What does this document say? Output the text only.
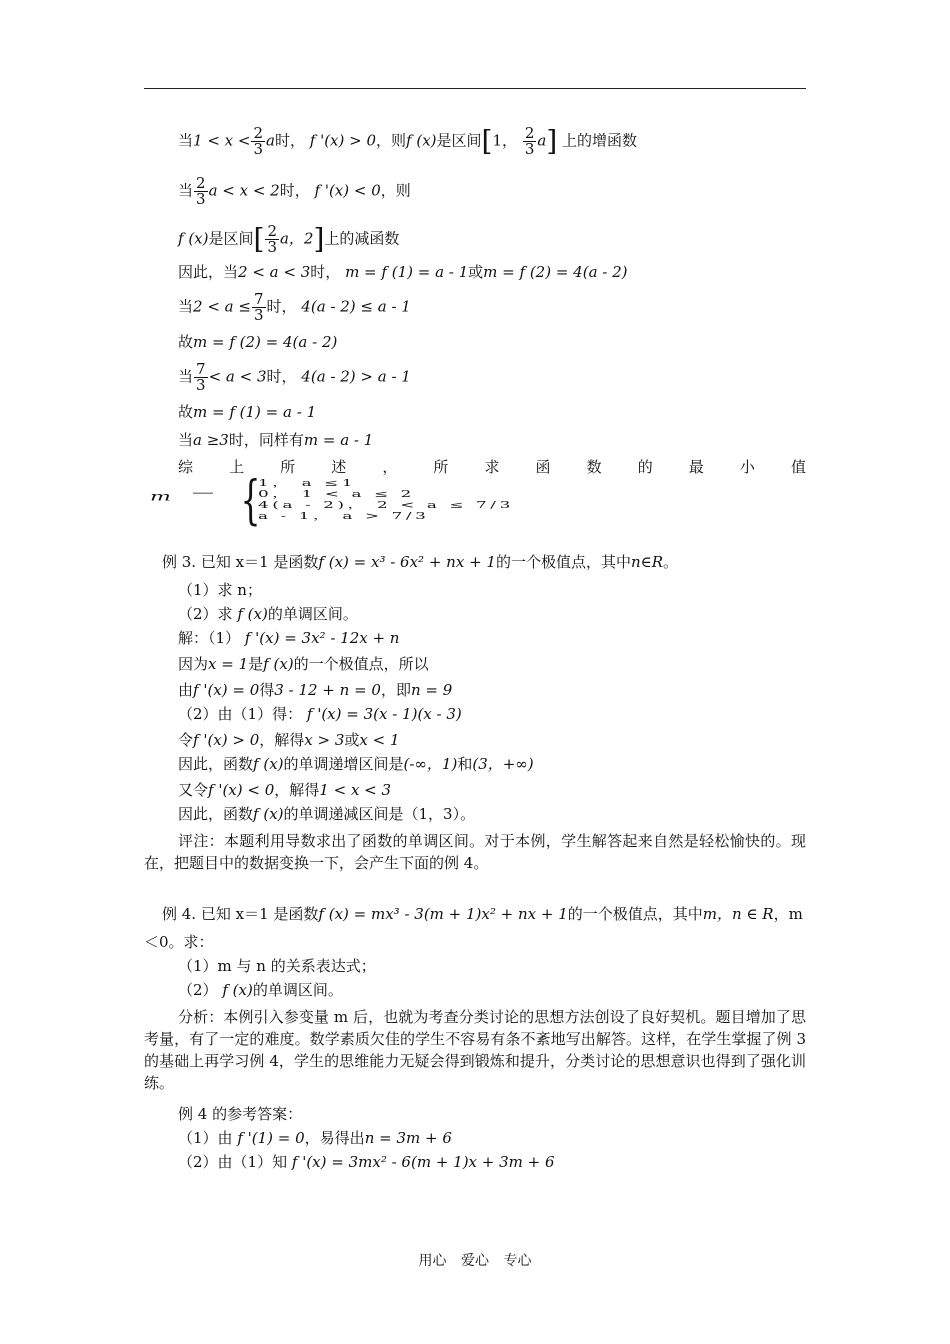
当$1 < x < \frac{2}{3}$ a时， f '(x) > 0，则f (x)是区间[1， $\frac{2}{3} a$] 上的增函数
当 $\frac{2}{3}$ a < x < 2时， f '(x) < 0，则
f (x)是区间[ $\frac{2}{3}$ a，2]上的减函数
因此，当2 < a < 3时， m = f (1) = a - 1或m = f (2) = 4(a - 2)
当$2 < a \le \frac{7}{3}$ 时， 4(a - 2) ≤ a - 1
故m = f (2) = 4(a - 2)
当 $\frac{7}{3} < a < 3$时， 4(a - 2) > a - 1
故m = f (1) = a - 1
当a ≥3时，同样有m = a - 1
综 上 所 述 ， 所 求 函 数 的 最 小 值
m — {
1， a ≤1
0， 1 < a ≤ 2
4(a - 2)， 2 < a ≤ 7/3
a - 1， a > 7/3
例 3. 已知 x＝1 是函数f (x) = x³ - 6x² + nx + 1的一个极值点，其中n∈R。
（1）求 n；
（2）求 f (x)的单调区间。
解：（1） f '(x) = 3x² - 12x + n
因为x = 1是f (x)的一个极值点，所以
由f '(x) = 0得3 - 12 + n = 0，即n = 9
（2）由（1）得： f '(x) = 3(x - 1)(x - 3)
令f '(x) > 0，解得x > 3或x < 1
因此，函数f (x)的单调递增区间是(-∞，1)和(3，+∞)
又令f '(x) < 0，解得1 < x < 3
因此，函数f (x)的单调递减区间是（1，3）。
评注：本题利用导数求出了函数的单调区间。对于本例，学生解答起来自然是轻松愉快的。现在，把题目中的数据变换一下，会产生下面的例 4。
例 4. 已知 x＝1 是函数f (x) = mx³ - 3(m + 1)x² + nx + 1的一个极值点，其中m，n ∈ R，m
＜0。求：
（1）m 与 n 的关系表达式；
（2） f (x)的单调区间。
分析：本例引入参变量 m 后，也就为考查分类讨论的思想方法创设了良好契机。题目增加了思考量，有了一定的难度。数学素质欠佳的学生不容易有条不紊地写出解答。这样，在学生掌握了例 3 的基础上再学习例 4，学生的思维能力无疑会得到锻炼和提升，分类讨论的思想意识也得到了强化训练。
例 4 的参考答案：
（1）由 f '(1) = 0，易得出n = 3m + 6
（2）由（1）知 f '(x) = 3mx² - 6(m + 1)x + 3m + 6
用心 爱心 专心
